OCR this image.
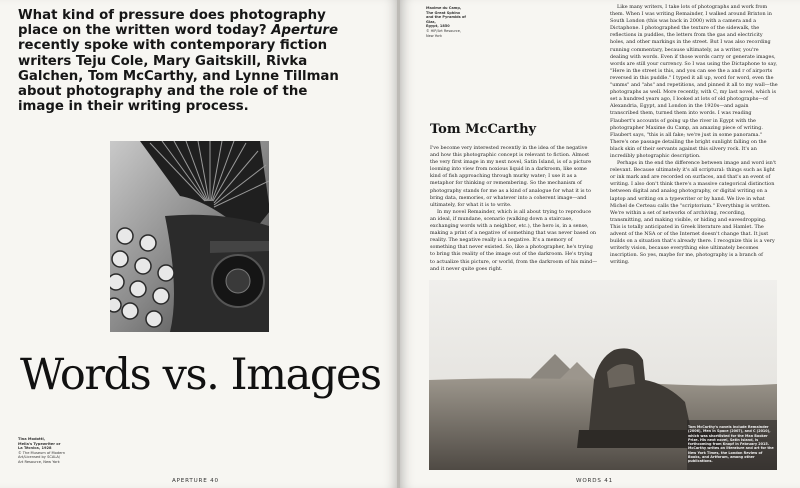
What kind of pressure does photography place on the written word today? Aperture recently spoke with contemporary fiction writers Teju Cole, Mary Gaitskill, Rivka Galchen, Tom McCarthy, and Lynne Tillman about photography and the role of the image in their writing process.

Words vs. Images
Tina Modotti,
Mella's Typewriter or
La Técnica, 1928
© The Museum of Modern
Art/Licensed by SCALA/
Art Resource, New York
APERTURE 40
Maxime du Camp,
The Great Sphinx
and the Pyramids of Giza,
Egypt, 1850
© HIP/Art Resource,
New York
Tom McCarthy

I've become very interested recently in the idea of the negative and how this photographic concept is relevant to fiction. Almost the very first image in my next novel, Satin Island, is of a picture looming into view from noxious liquid in a darkroom, like some kind of fish approaching through murky water; I use it as a metaphor for thinking or remembering. So the mechanism of photography stands for me as a kind of analogue for what it is to bring data, memories, or whatever into a coherent image—and ultimately, for what it is to write.

In my novel Remainder, which is all about trying to reproduce an ideal, if mundane, scenario (walking down a staircase, exchanging words with a neighbor, etc.), the hero is, in a sense, making a print of a negative of something that was never based on reality. The negative really is a negative. It's a memory of something that never existed. So, like a photographer, he's trying to bring this reality of the image out of the darkroom. He's trying to actualize this picture, or world, from the darkroom of his mind—and it never quite goes right.

Like many writers, I take lots of photographs and work from them. When I was writing Remainder, I walked around Brixton in South London (this was back in 2000) with a camera and a Dictaphone. I photographed the texture of the sidewalk, the reflections in puddles, the letters from the gas and electricity holes, and other markings in the street. But I was also recording running commentary, because ultimately, as a writer, you're dealing with words. Even if those words carry or generate images, words are still your currency. So I was using the Dictaphone to say, "Here in the street is this, and you can see the a and r of airports reversed in this puddle." I typed it all up, word for word, even the "umms" and "ahs" and repetitions, and pinned it all to my wall—the photographs as well. More recently, with C, my last novel, which is set a hundred years ago, I looked at lots of old photographs—of Alexandria, Egypt, and London in the 1920s—and again transcribed them, turned them into words. I was reading Flaubert's accounts of going up the river in Egypt with the photographer Maxime du Camp, an amazing piece of writing. Flaubert says, "this is all fake; we're just in some panorama." There's one passage detailing the bright sunlight falling on the black skin of their servants against this silvery rock. It's an incredibly photographic description.

Perhaps in the end the difference between image and word isn't relevant. Because ultimately it's all scriptural: things such as light or ink mark and are recorded on surfaces, and that's an event of writing. I also don't think there's a massive categorical distinction between digital and analog photography, or digital writing on a laptop and writing on a typewriter or by hand. We live in what Michel de Certeau calls the "scriptorium." Everything is written. We're within a set of networks of archiving, recording, transmitting, and making visible, or hiding and eavesdropping. This is totally anticipated in Greek literature and Hamlet. The advent of the NSA or of the Internet doesn't change that. It just builds on a situation that's already there. I recognize this is a very writerly vision, because everything else ultimately becomes inscription. So yes, maybe for me, photography is a branch of writing.

Tom McCarthy's novels include Remainder (2006), Men in Space (2007), and C (2010), which was shortlisted for the Man Booker Prize. His next novel, Satin Island, is forthcoming from Knopf in February 2015. McCarthy writes on literature and art for the New York Times, the London Review of Books, and Artforum, among other publications.
WORDS 41
